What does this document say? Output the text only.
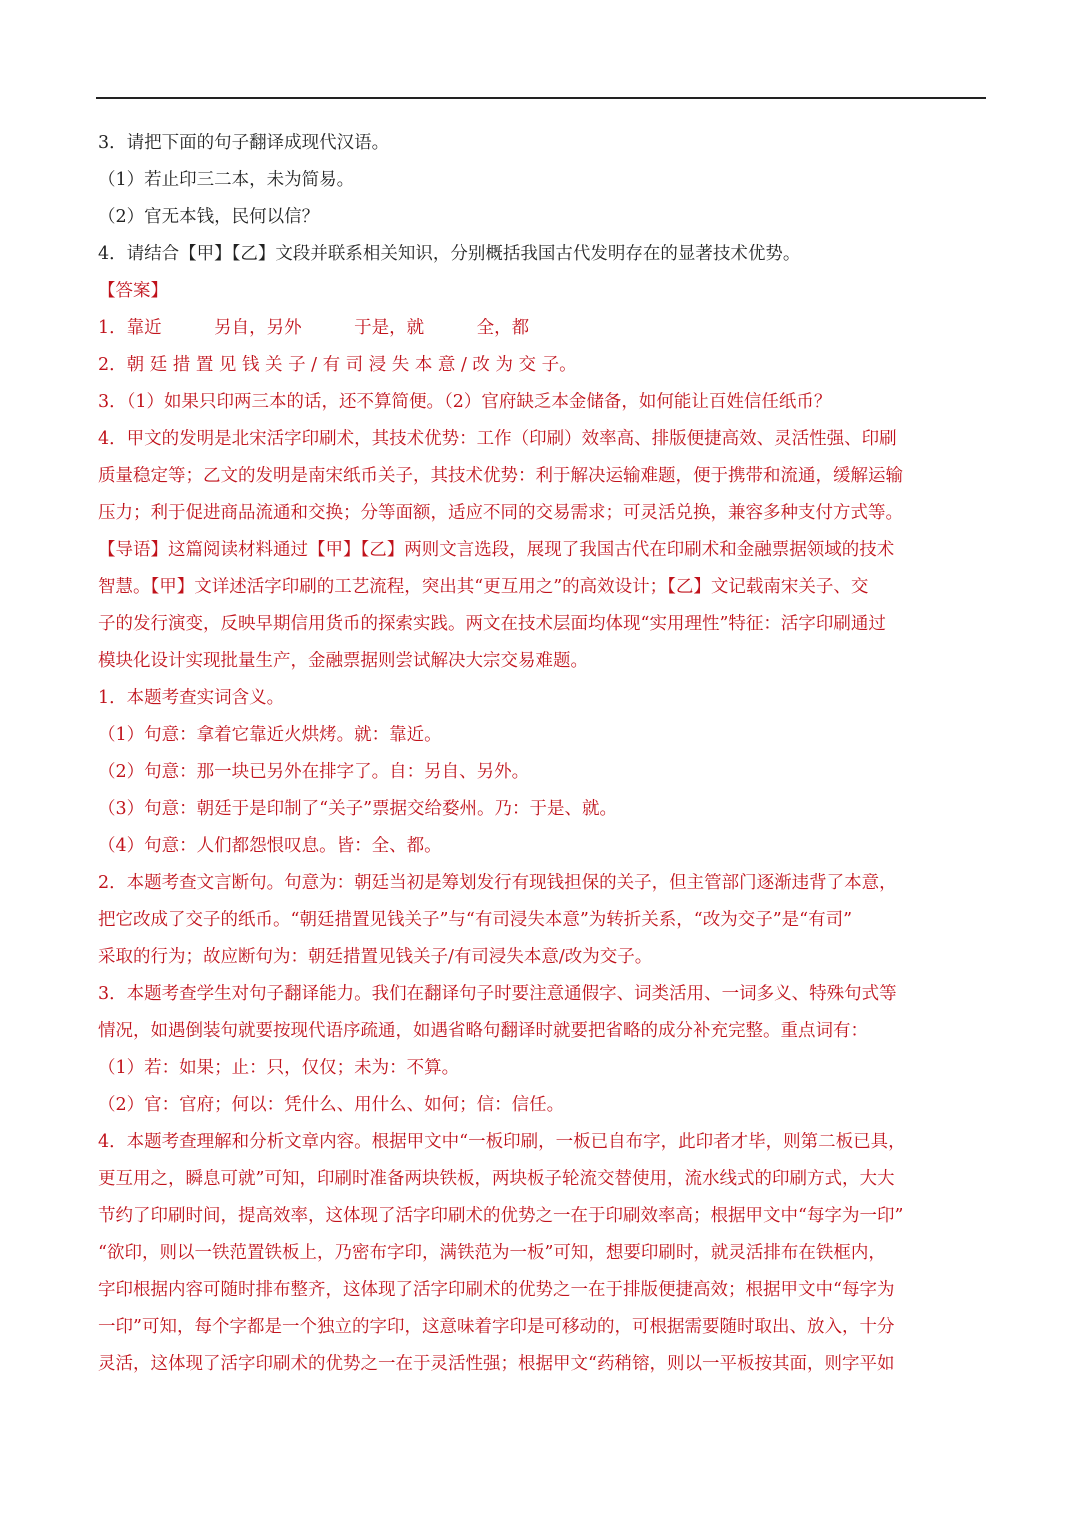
3．请把下面的句子翻译成现代汉语。
（1）若止印三二本，未为简易。
（2）官无本钱，民何以信？
4．请结合【甲】【乙】文段并联系相关知识，分别概括我国古代发明存在的显著技术优势。
【答案】
1．靠近　　　另自，另外　　　于是，就　　　全，都
2．朝 廷 措 置 见 钱 关 子 / 有 司 浸 失 本 意 / 改 为 交 子。
3．（1）如果只印两三本的话，还不算简便。（2）官府缺乏本金储备，如何能让百姓信任纸币？
4．甲文的发明是北宋活字印刷术，其技术优势：工作（印刷）效率高、排版便捷高效、灵活性强、印刷
质量稳定等；乙文的发明是南宋纸币关子，其技术优势：利于解决运输难题，便于携带和流通，缓解运输
压力；利于促进商品流通和交换；分等面额，适应不同的交易需求；可灵活兑换，兼容多种支付方式等。
【导语】这篇阅读材料通过【甲】【乙】两则文言选段，展现了我国古代在印刷术和金融票据领域的技术
智慧。【甲】文详述活字印刷的工艺流程，突出其“更互用之”的高效设计；【乙】文记载南宋关子、交
子的发行演变，反映早期信用货币的探索实践。两文在技术层面均体现“实用理性”特征：活字印刷通过
模块化设计实现批量生产，金融票据则尝试解决大宗交易难题。
1．本题考查实词含义。
（1）句意：拿着它靠近火烘烤。就：靠近。
（2）句意：那一块已另外在排字了。自：另自、另外。
（3）句意：朝廷于是印制了“关子”票据交给婺州。乃：于是、就。
（4）句意：人们都怨恨叹息。皆：全、都。
2．本题考查文言断句。句意为：朝廷当初是筹划发行有现钱担保的关子，但主管部门逐渐违背了本意，
把它改成了交子的纸币。“朝廷措置见钱关子”与“有司浸失本意”为转折关系，“改为交子”是“有司”
采取的行为；故应断句为：朝廷措置见钱关子/有司浸失本意/改为交子。
3．本题考查学生对句子翻译能力。我们在翻译句子时要注意通假字、词类活用、一词多义、特殊句式等
情况，如遇倒装句就要按现代语序疏通，如遇省略句翻译时就要把省略的成分补充完整。重点词有：
（1）若：如果；止：只，仅仅；未为：不算。
（2）官：官府；何以：凭什么、用什么、如何；信：信任。
4．本题考查理解和分析文章内容。根据甲文中“一板印刷，一板已自布字，此印者才毕，则第二板已具，
更互用之，瞬息可就”可知，印刷时准备两块铁板，两块板子轮流交替使用，流水线式的印刷方式，大大
节约了印刷时间，提高效率，这体现了活字印刷术的优势之一在于印刷效率高；根据甲文中“每字为一印”
“欲印，则以一铁范置铁板上，乃密布字印，满铁范为一板”可知，想要印刷时，就灵活排布在铁框内，
字印根据内容可随时排布整齐，这体现了活字印刷术的优势之一在于排版便捷高效；根据甲文中“每字为
一印”可知，每个字都是一个独立的字印，这意味着字印是可移动的，可根据需要随时取出、放入，十分
灵活，这体现了活字印刷术的优势之一在于灵活性强；根据甲文“药稍镕，则以一平板按其面，则字平如
